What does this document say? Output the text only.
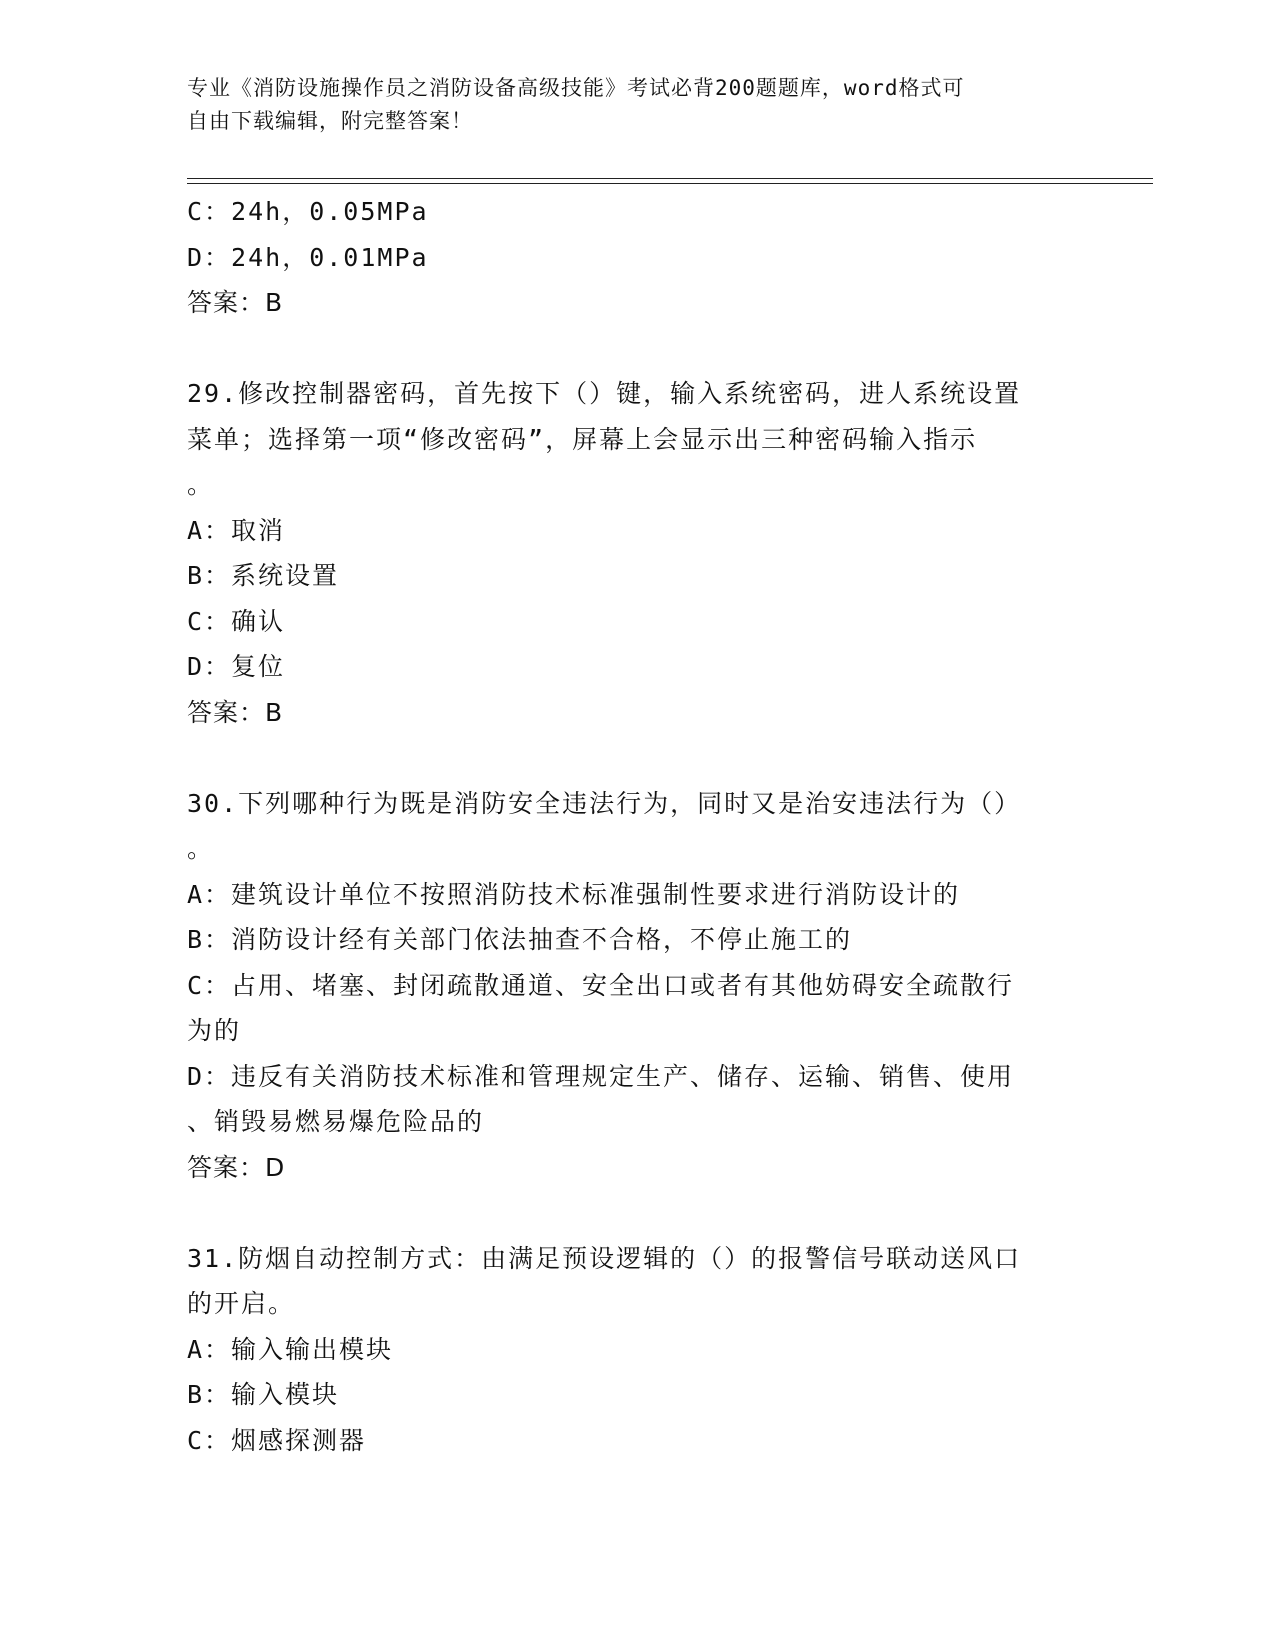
专业《消防设施操作员之消防设备高级技能》考试必背200题题库，word格式可
自由下载编辑，附完整答案！
C：24h，0.05MPa
D：24h，0.01MPa
答案：B
29.修改控制器密码，首先按下（）键，输入系统密码，进人系统设置
菜单；选择第一项“修改密码”，屏幕上会显示出三种密码输入指示
。
A：取消
B：系统设置
C：确认
D：复位
答案：B
30.下列哪种行为既是消防安全违法行为，同时又是治安违法行为（）
。
A：建筑设计单位不按照消防技术标准强制性要求进行消防设计的
B：消防设计经有关部门依法抽查不合格，不停止施工的
C：占用、堵塞、封闭疏散通道、安全出口或者有其他妨碍安全疏散行
为的
D：违反有关消防技术标准和管理规定生产、储存、运输、销售、使用
、销毁易燃易爆危险品的
答案：D
31.防烟自动控制方式：由满足预设逻辑的（）的报警信号联动送风口
的开启。
A：输入输出模块
B：输入模块
C：烟感探测器
